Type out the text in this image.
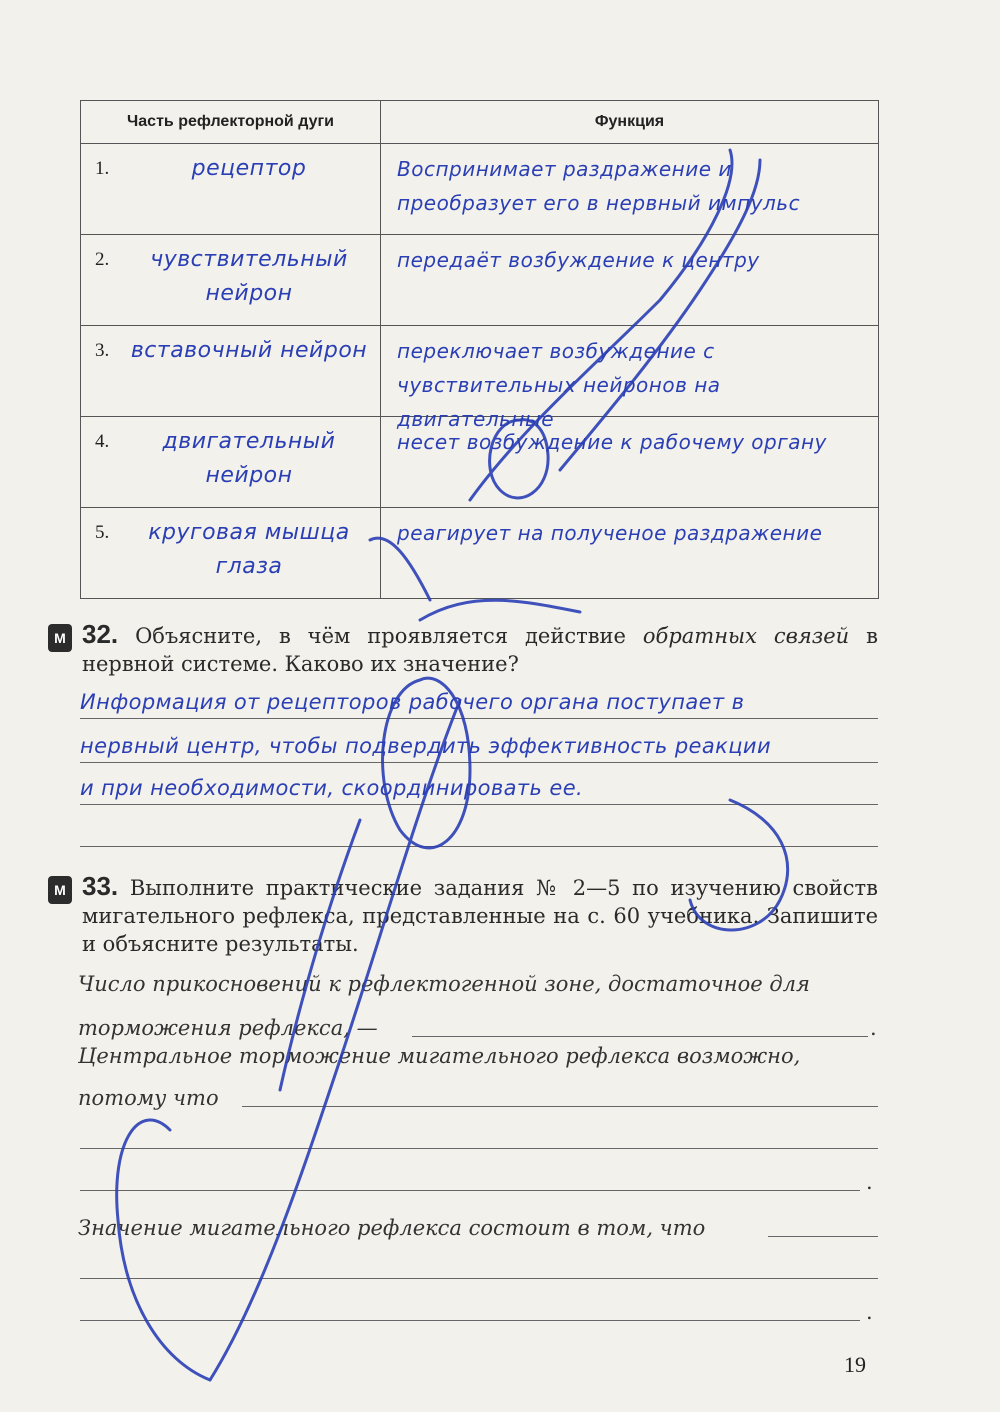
Часть рефлекторной дуги	Функция

1. рецептор	Воспринимает раздражение и преобразует его в нервный импульс

2. чувствительный нейрон	передаёт возбуждение к центру

3. вставочный нейрон	переключает возбуждение с чувствительных нейронов на двигательные

4. двигательный нейрон	несет возбуждение к рабочему органу

5. круговая мышца глаза	реагирует на полученое раздражение
М 32. Объясните, в чём проявляется действие обратных связей в нервной системе. Каково их значение?
Информация от рецепторов рабочего органа поступает в
нервный центр, чтобы подвердить эффективность реакции
и при необходимости, скоординировать ее.
М 33. Выполните практические задания № 2—5 по изучению свойств мигательного рефлекса, представленные на с. 60 учебника. Запишите и объясните результаты.
Число прикосновений к рефлектогенной зоне, достаточное для
торможения рефлекса, —	.
Центральное торможение мигательного рефлекса возможно,
потому что
.
Значение мигательного рефлекса состоит в том, что
.
19
